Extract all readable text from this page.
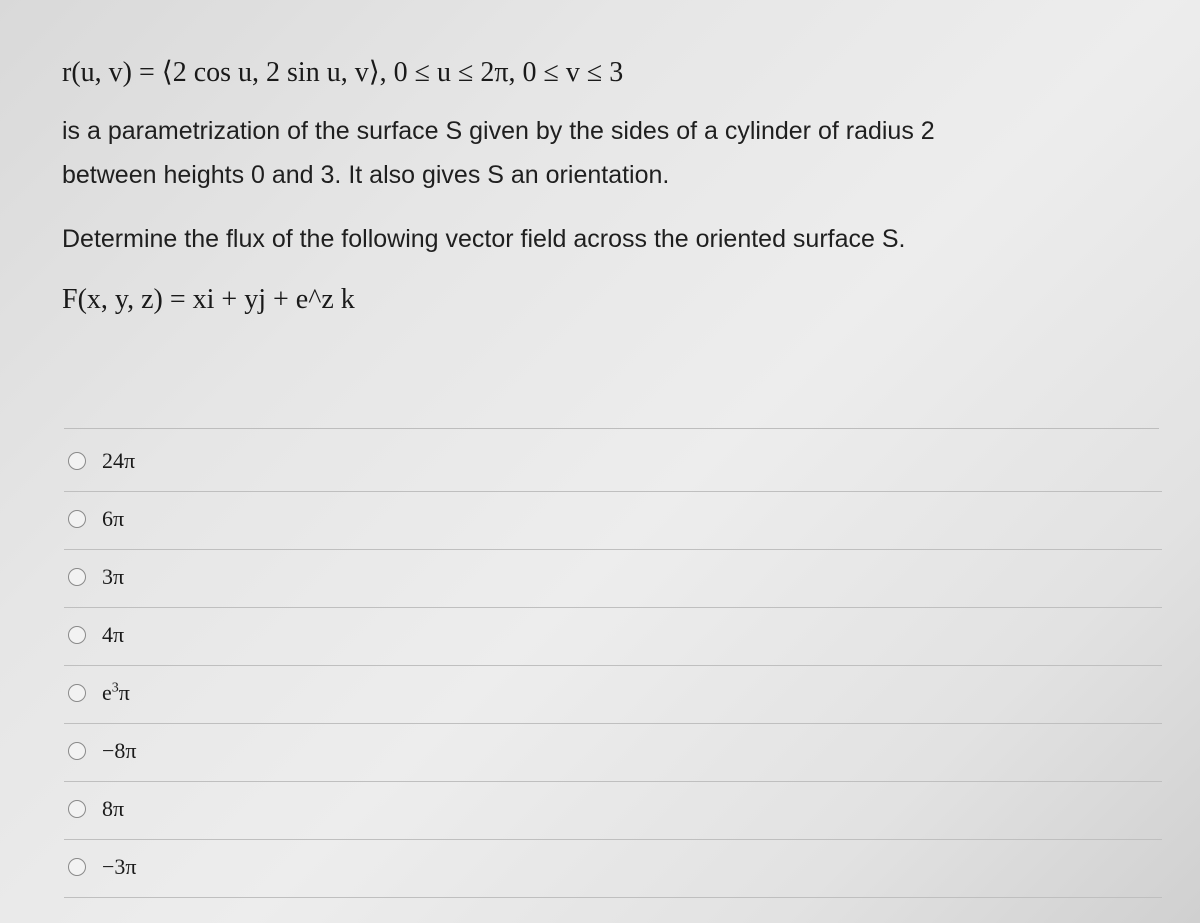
r(u, v) = ⟨2 cos u, 2 sin u, v⟩, 0 ≤ u ≤ 2π, 0 ≤ v ≤ 3
is a parametrization of the surface S given by the sides of a cylinder of radius 2
between heights 0 and 3. It also gives S an orientation.
Determine the flux of the following vector field across the oriented surface S.
F(x, y, z) = xi + yj + e^z k
24π
6π
3π
4π
$e^3\pi$
−8π
8π
−3π
